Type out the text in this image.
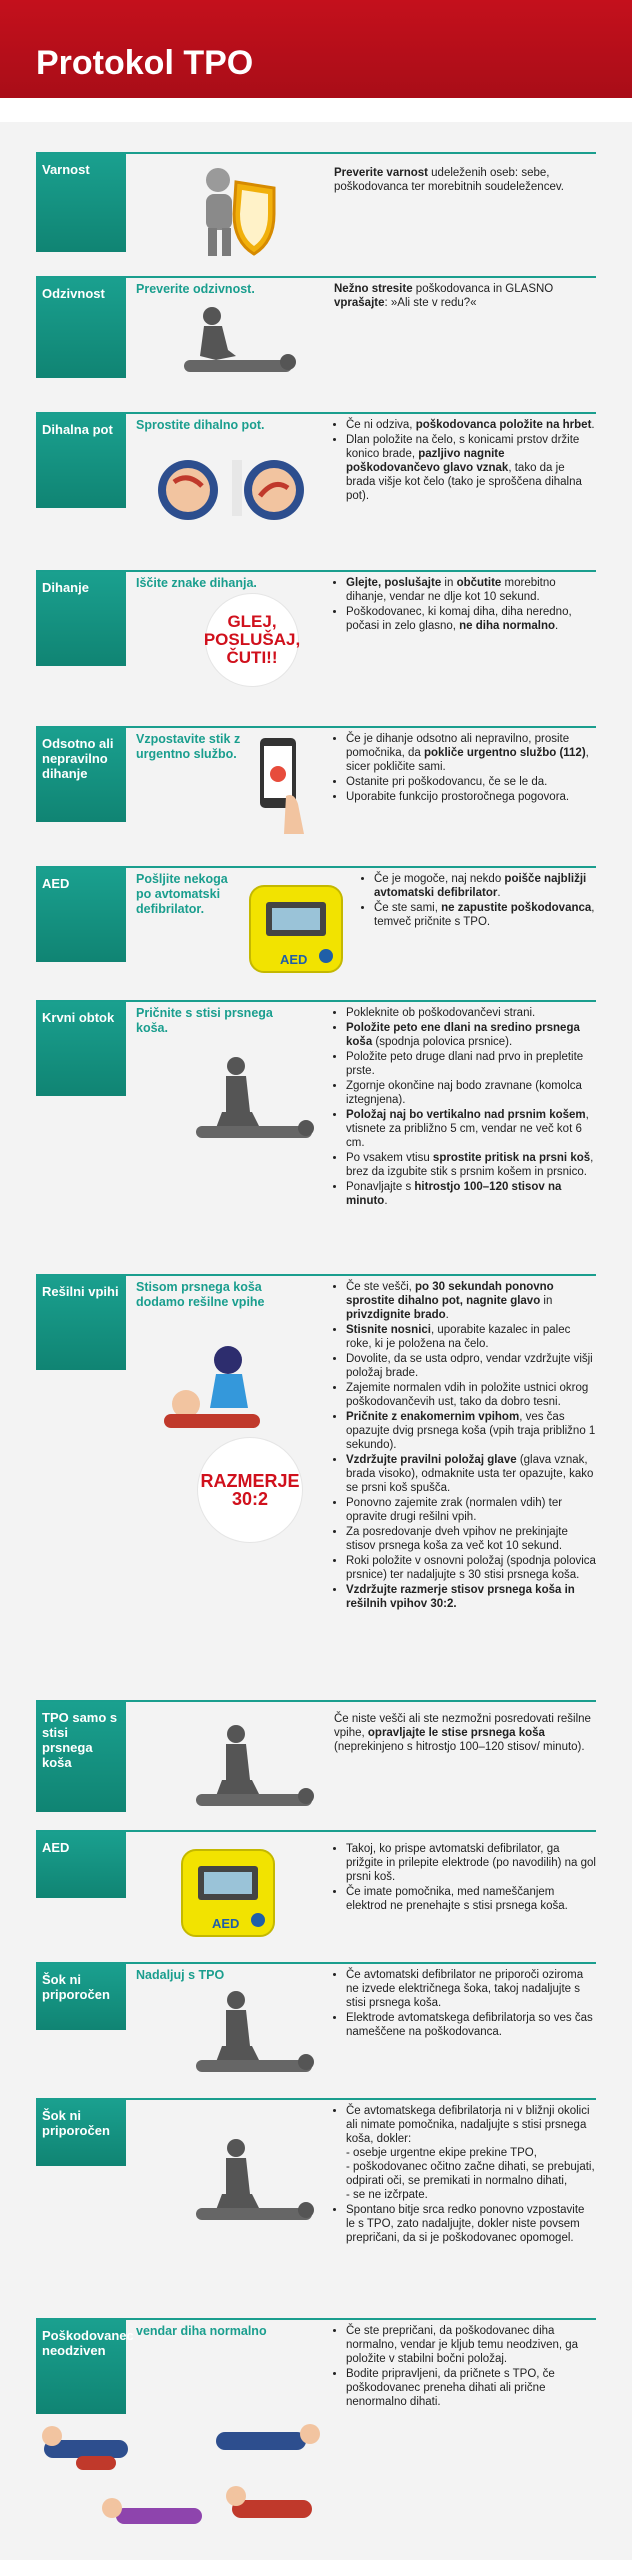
Protokol TPO
Varnost	Preverite varnost udeleženih oseb: sebe, poškodovanca ter morebitnih soudeležencev.
Odzivnost	Preverite odzivnost.	Nežno stresite poškodovanca in GLASNO vprašajte: »Ali ste v redu?«
Dihalna pot	Sprostite dihalno pot.	• Če ni odziva, poškodovanca položite na hrbet.
• Dlan položite na čelo, s konicami prstov držite konico brade, pazljivo nagnite poškodovančevo glavo vznak, tako da je brada višje kot čelo (tako je sproščena dihalna pot).
Dihanje	Iščite znake dihanja.
GLEJ, POSLUŠAJ, ČUTI!!
• Glejte, poslušajte in občutite morebitno dihanje, vendar ne dlje kot 10 sekund.
• Poškodovanec, ki komaj diha, diha neredno, počasi in zelo glasno, ne diha normalno.
Odsotno ali nepravilno dihanje
Vzpostavite stik z urgentno službo.
• Če je dihanje odsotno ali nepravilno, prosite pomočnika, da pokliče urgentno službo (112), sicer pokličite sami.
• Ostanite pri poškodovancu, če se le da.
• Uporabite funkcijo prostoročnega pogovora.
AED	Pošljite nekoga po avtomatski defibrilator.
AED
• Če je mogoče, naj nekdo poišče najbližji avtomatski defibrilator.
• Če ste sami, ne zapustite poškodovanca, temveč pričnite s TPO.
Krvni obtok	Pričnite s stisi prsnega koša.
• Pokleknite ob poškodovančevi strani.
• Položite peto ene dlani na sredino prsnega koša (spodnja polovica prsnice).
• Položite peto druge dlani nad prvo in prepletite prste.
• Zgornje okončine naj bodo zravnane (komolca iztegnjena).
• Položaj naj bo vertikalno nad prsnim košem, vtisnete za približno 5 cm, vendar ne več kot 6 cm.
• Po vsakem vtisu sprostite pritisk na prsni koš, brez da izgubite stik s prsnim košem in prsnico.
• Ponavljajte s hitrostjo 100–120 stisov na minuto.
Rešilni vpihi	Stisom prsnega koša dodamo rešilne vpihe
RAZMERJE 30:2
• Če ste vešči, po 30 sekundah ponovno sprostite dihalno pot, nagnite glavo in privzdignite brado.
• Stisnite nosnici, uporabite kazalec in palec roke, ki je položena na čelo.
• Dovolite, da se usta odpro, vendar vzdržujte višji položaj brade.
• Zajemite normalen vdih in položite ustnici okrog poškodovančevih ust, tako da dobro tesni.
• Pričnite z enakomernim vpihom, ves čas opazujte dvig prsnega koša (vpih traja približno 1 sekundo).
• Vzdržujte pravilni položaj glave (glava vznak, brada visoko), odmaknite usta ter opazujte, kako se prsni koš spušča.
• Ponovno zajemite zrak (normalen vdih) ter opravite drugi rešilni vpih.
• Za posredovanje dveh vpihov ne prekinjajte stisov prsnega koša za več kot 10 sekund.
• Roki položite v osnovni položaj (spodnja polovica prsnice) ter nadaljujte s 30 stisi prsnega koša.
• Vzdržujte razmerje stisov prsnega koša in rešilnih vpihov 30:2.
TPO samo s stisi prsnega koša
Če niste vešči ali ste nezmožni posredovati rešilne vpihe, opravljajte le stise prsnega koša (neprekinjeno s hitrostjo 100–120 stisov/ minuto).
AED
AED
• Takoj, ko prispe avtomatski defibrilator, ga prižgite in prilepite elektrode (po navodilih) na gol prsni koš.
• Če imate pomočnika, med nameščanjem elektrod ne prenehajte s stisi prsnega koša.
Šok ni priporočen
Nadaljuj s TPO	• Če avtomatski defibrilator ne priporoči oziroma ne izvede električnega šoka, takoj nadaljujte s stisi prsnega koša.
• Elektrode avtomatskega defibrilatorja so ves čas nameščene na poškodovanca.
Šok ni priporočen
• Če avtomatskega defibrilatorja ni v bližnji okolici ali nimate pomočnika, nadaljujte s stisi prsnega koša, dokler:
- osebje urgentne ekipe prekine TPO,
- poškodovanec očitno začne dihati, se prebujati, odpirati oči, se premikati in normalno dihati,
- se ne izčrpate.
• Spontano bitje srca redko ponovno vzpostavite le s TPO, zato nadaljujte, dokler niste povsem prepričani, da si je poškodovanec opomogel.
Poškodovanec neodziven
vendar diha normalno	• Če ste prepričani, da poškodovanec diha normalno, vendar je kljub temu neodziven, ga položite v stabilni bočni položaj.
• Bodite pripravljeni, da pričnete s TPO, če poškodovanec preneha dihati ali prične nenormalno dihati.
